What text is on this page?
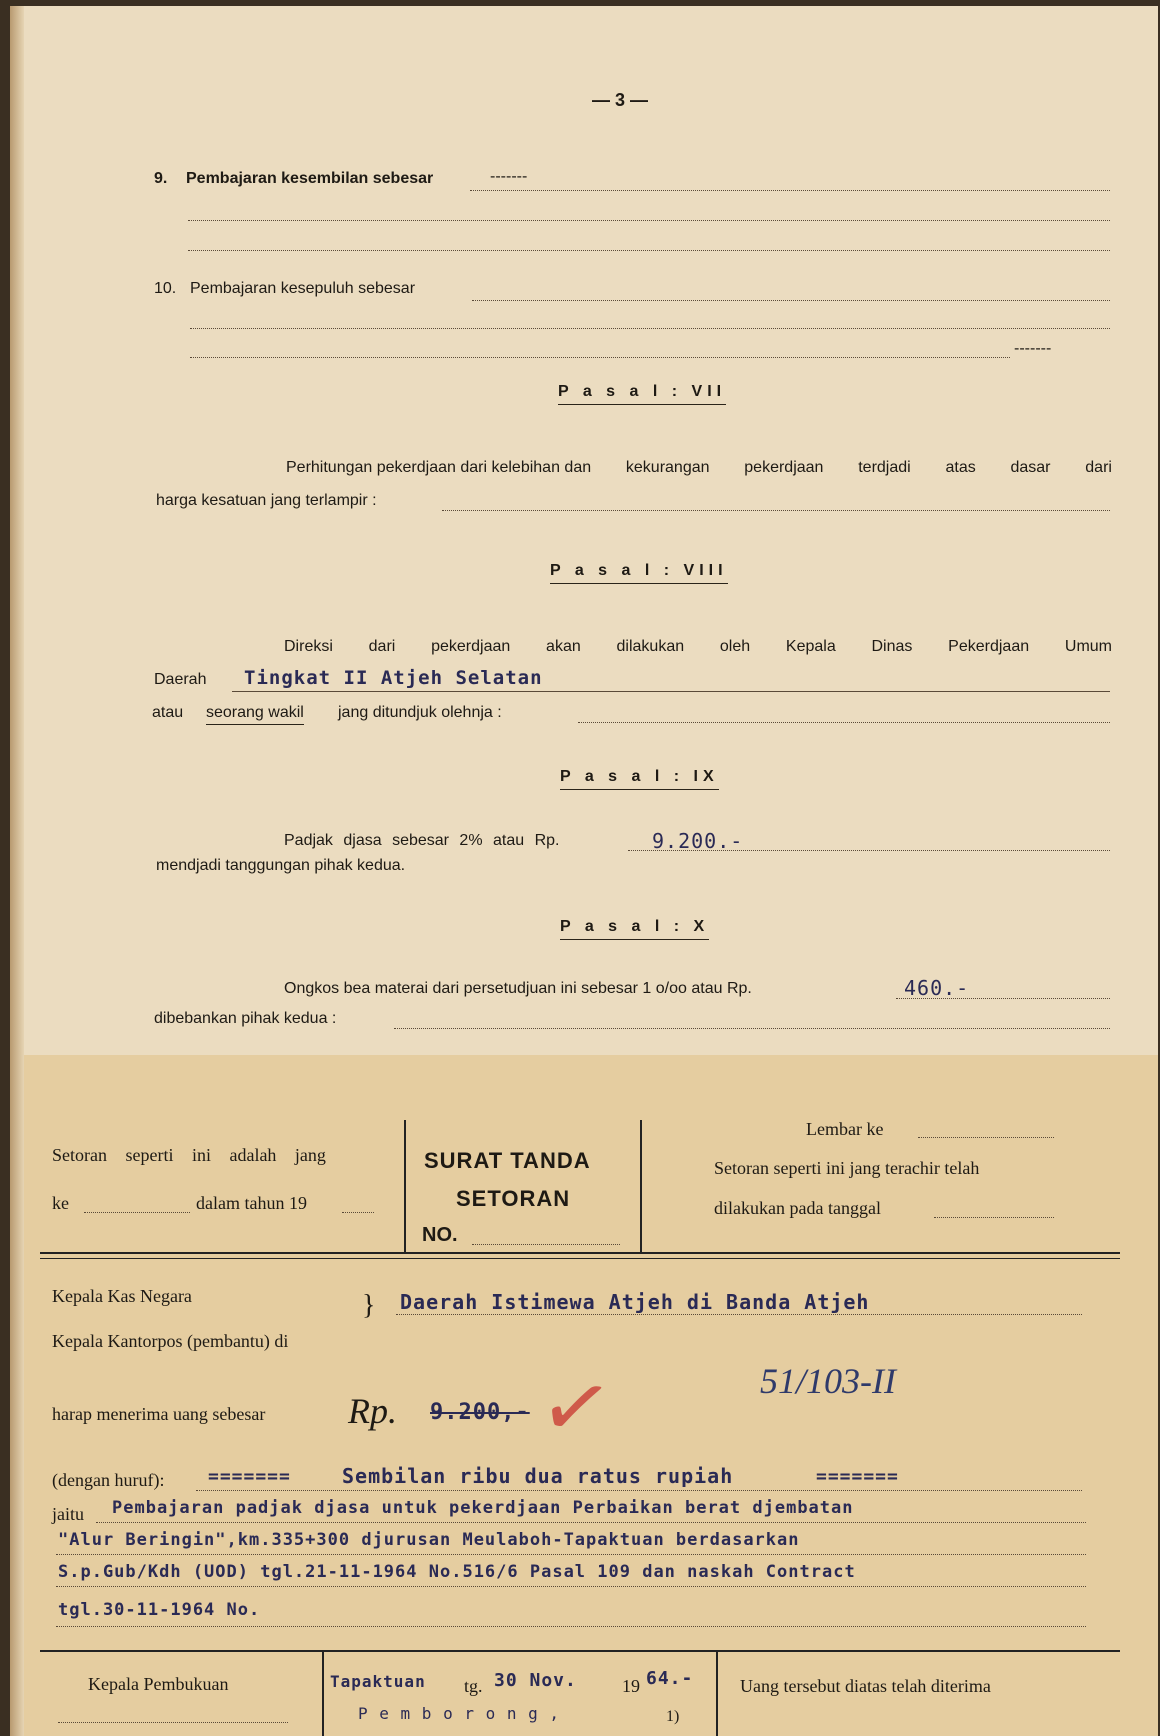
— 3 —
9. Pembajaran kesembilan sebesar	-------
10. Pembajaran kesepuluh sebesar
-------
P a s a l : VII
Perhitungan pekerdjaan dari kelebihan dan kekurangan pekerdjaan terdjadi atas dasar dari
harga kesatuan jang terlampir :
P a s a l : VIII
Direksi dari pekerdjaan akan dilakukan oleh Kepala Dinas Pekerdjaan Umum
Daerah Tingkat II Atjeh Selatan
atau seorang wakil jang ditundjuk olehnja :
P a s a l : IX
Padjak djasa sebesar 2% atau Rp.	9.200.-
mendjadi tanggungan pihak kedua.
P a s a l : X
Ongkos bea materai dari persetudjuan ini sebesar 1 o/oo atau Rp.	460.-
dibebankan pihak kedua :
Setoran seperti ini adalah jang
ke	dalam tahun 19
SURAT TANDA
SETORAN
NO.
Lembar ke
Setoran seperti ini jang terachir telah
dilakukan pada tanggal
Kepala Kas Negara
Kepala Kantorpos (pembantu) di
} Daerah Istimewa Atjeh di Banda Atjeh
harap menerima uang sebesar Rp. 9.200,- ✓	51/103-II
(dengan huruf): =======	Sembilan ribu dua ratus rupiah	=======
jaitu Pembajaran padjak djasa untuk pekerdjaan Perbaikan berat djembatan
"Alur Beringin",km.335+300 djurusan Meulaboh-Tapaktuan berdasarkan
S.p.Gub/Kdh (UOD) tgl.21-11-1964 No.516/6 Pasal 109 dan naskah Contract
tgl.30-11-1964 No.
Kepala Pembukuan	Tapaktuan tg. 30 Nov.	19 64.-
P e m b o r o n g ,	1)
Uang tersebut diatas telah diterima
